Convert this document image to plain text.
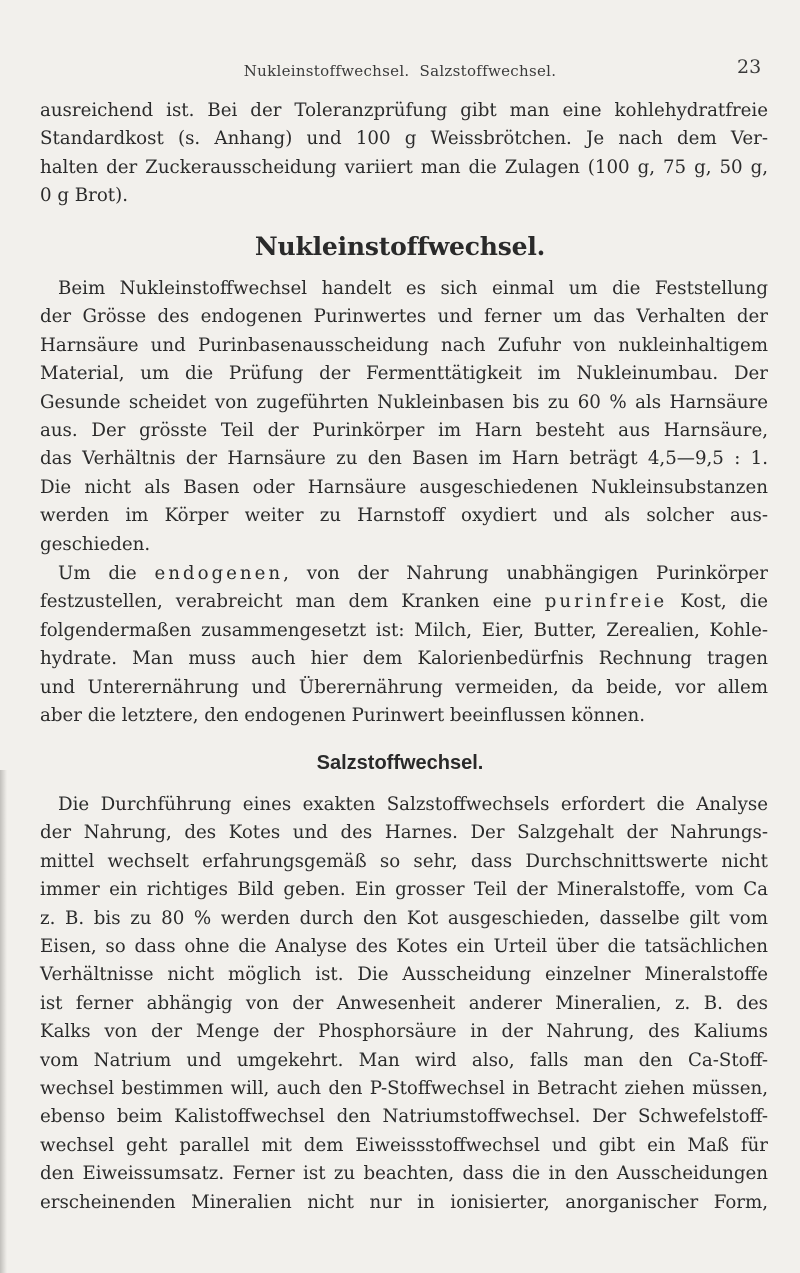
Nukleinstoffwechsel. Salzstoffwechsel.	23

ausreichend ist. Bei der Toleranzprüfung gibt man eine kohlehydratfreie

Standardkost (s. Anhang) und 100 g Weissbrötchen. Je nach dem Ver-

halten der Zuckerausscheidung variiert man die Zulagen (100 g, 75 g, 50 g,

0 g Brot).

Nukleinstoffwechsel.

Beim Nukleinstoffwechsel handelt es sich einmal um die Feststellung

der Grösse des endogenen Purinwertes und ferner um das Verhalten der

Harnsäure und Purinbasenausscheidung nach Zufuhr von nukleinhaltigem

Material, um die Prüfung der Fermenttätigkeit im Nukleinumbau. Der

Gesunde scheidet von zugeführten Nukleinbasen bis zu 60 % als Harnsäure

aus. Der grösste Teil der Purinkörper im Harn besteht aus Harnsäure,

das Verhältnis der Harnsäure zu den Basen im Harn beträgt 4,5—9,5 : 1.

Die nicht als Basen oder Harnsäure ausgeschiedenen Nukleinsubstanzen

werden im Körper weiter zu Harnstoff oxydiert und als solcher aus-

geschieden.

Um die endogenen, von der Nahrung unabhängigen Purinkörper

festzustellen, verabreicht man dem Kranken eine purinfreie Kost, die

folgendermaßen zusammengesetzt ist: Milch, Eier, Butter, Zerealien, Kohle-

hydrate. Man muss auch hier dem Kalorienbedürfnis Rechnung tragen

und Unterernährung und Überernährung vermeiden, da beide, vor allem

aber die letztere, den endogenen Purinwert beeinflussen können.

Salzstoffwechsel.

Die Durchführung eines exakten Salzstoffwechsels erfordert die Analyse

der Nahrung, des Kotes und des Harnes. Der Salzgehalt der Nahrungs-

mittel wechselt erfahrungsgemäß so sehr, dass Durchschnittswerte nicht

immer ein richtiges Bild geben. Ein grosser Teil der Mineralstoffe, vom Ca

z. B. bis zu 80 % werden durch den Kot ausgeschieden, dasselbe gilt vom

Eisen, so dass ohne die Analyse des Kotes ein Urteil über die tatsächlichen

Verhältnisse nicht möglich ist. Die Ausscheidung einzelner Mineralstoffe

ist ferner abhängig von der Anwesenheit anderer Mineralien, z. B. des

Kalks von der Menge der Phosphorsäure in der Nahrung, des Kaliums

vom Natrium und umgekehrt. Man wird also, falls man den Ca-Stoff-

wechsel bestimmen will, auch den P-Stoffwechsel in Betracht ziehen müssen,

ebenso beim Kalistoffwechsel den Natriumstoffwechsel. Der Schwefelstoff-

wechsel geht parallel mit dem Eiweissstoffwechsel und gibt ein Maß für

den Eiweissumsatz. Ferner ist zu beachten, dass die in den Ausscheidungen

erscheinenden Mineralien nicht nur in ionisierter, anorganischer Form,
